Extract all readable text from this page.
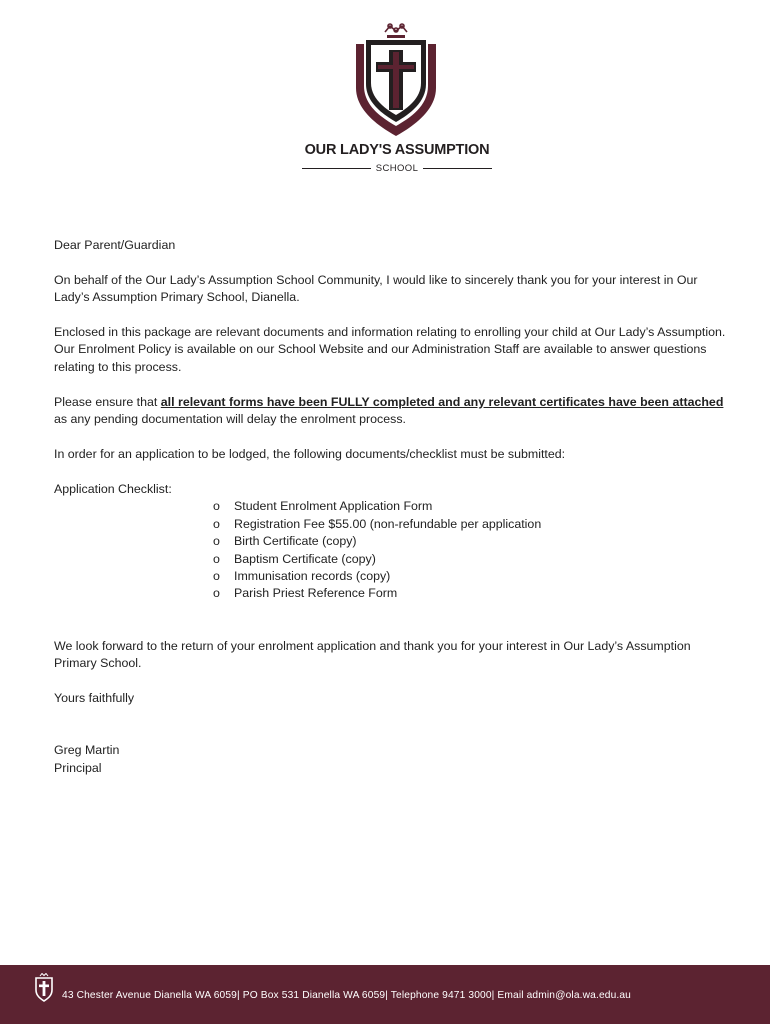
OUR LADY'S ASSUMPTION
SCHOOL

Dear Parent/Guardian

On behalf of the Our Lady’s Assumption School Community, I would like to sincerely thank you for your interest in Our Lady’s Assumption Primary School, Dianella.

Enclosed in this package are relevant documents and information relating to enrolling your child at Our Lady’s Assumption. Our Enrolment Policy is available on our School Website and our Administration Staff are available to answer questions relating to this process.

Please ensure that all relevant forms have been FULLY completed and any relevant certificates have been attached as any pending documentation will delay the enrolment process.

In order for an application to be lodged, the following documents/checklist must be submitted:

Application Checklist:

o	Student Enrolment Application Form
o	Registration Fee $55.00 (non-refundable per application
o	Birth Certificate (copy)
o	Baptism Certificate (copy)
o	Immunisation records (copy)
o	Parish Priest Reference Form

We look forward to the return of your enrolment application and thank you for your interest in Our Lady’s Assumption Primary School.

Yours faithfully

Greg Martin
Principal
43 Chester Avenue Dianella WA 6059| PO Box 531 Dianella WA 6059| Telephone 9471 3000| Email admin@ola.wa.edu.au
